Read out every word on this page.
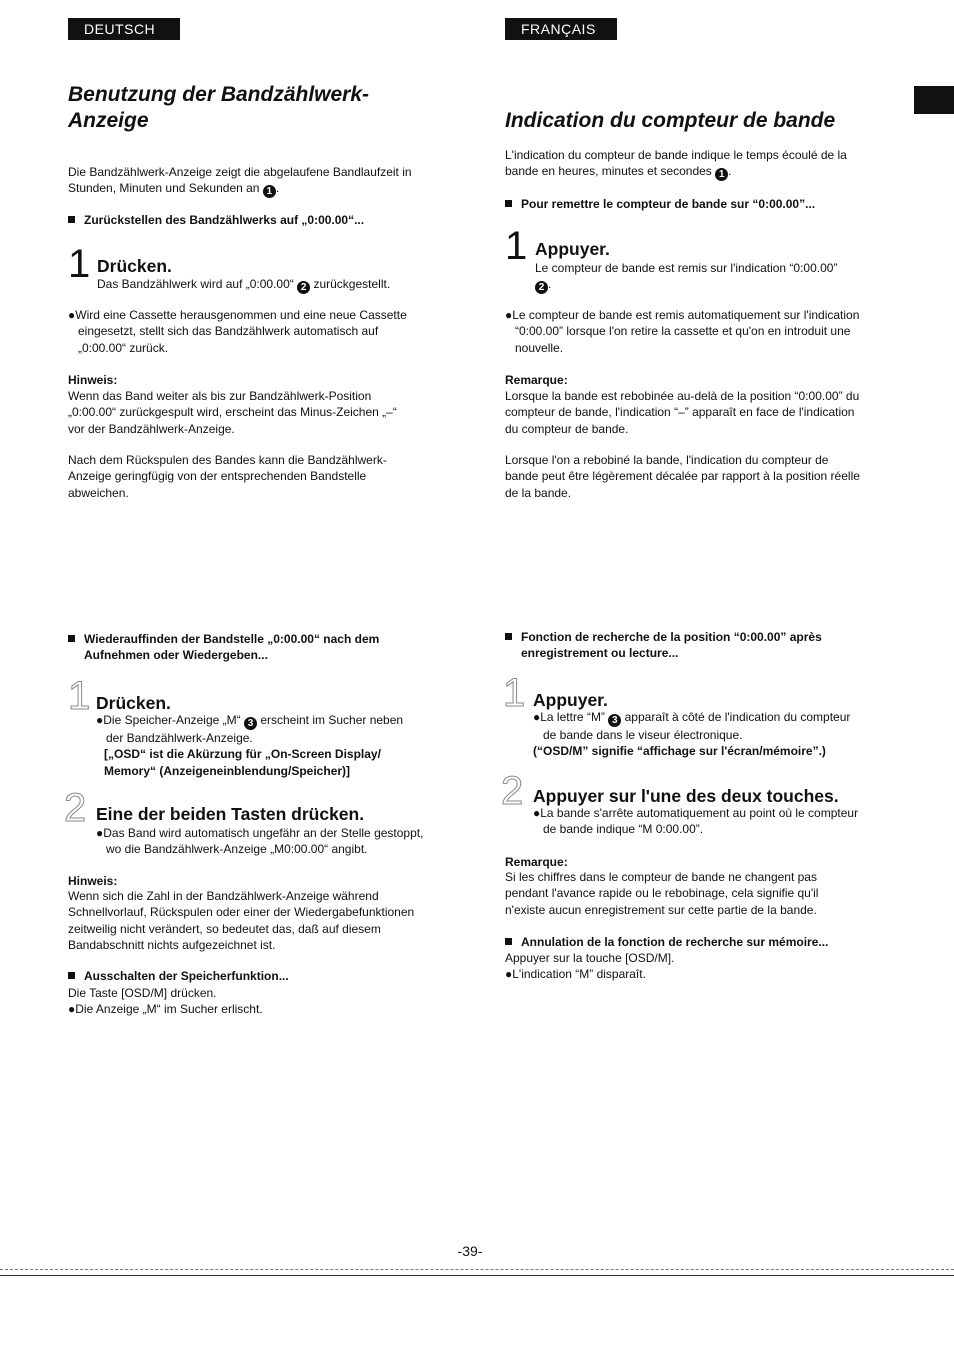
DEUTSCH	FRANÇAIS
Benutzung der Bandzählwerk-
Anzeige

Die Bandzählwerk-Anzeige zeigt die abgelaufene Bandlaufzeit in

Stunden, Minuten und Sekunden an 1 .

Zurückstellen des Bandzählwerks auf „0:00.00“...
1 Drücken.
Das Bandzählwerk wird auf „0:00.00“ 2 zurückgestellt.

●Wird eine Cassette herausgenommen und eine neue Cassette

eingesetzt, stellt sich das Bandzählwerk automatisch auf

„0:00.00“ zurück.

Hinweis:

Wenn das Band weiter als bis zur Bandzählwerk-Position

„0:00.00“ zurückgespult wird, erscheint das Minus-Zeichen „–“

vor der Bandzählwerk-Anzeige.

Nach dem Rückspulen des Bandes kann die Bandzählwerk-

Anzeige geringfügig von der entsprechenden Bandstelle

abweichen.

Wiederauffinden der Bandstelle „0:00.00“ nach dem

Aufnehmen oder Wiedergeben...

1 Drücken.

●Die Speicher-Anzeige „M“ 3 erscheint im Sucher neben

der Bandzählwerk-Anzeige.

[„OSD“ ist die Akürzung für „On-Screen Display/

Memory“ (Anzeigeneinblendung/Speicher)]

2 Eine der beiden Tasten drücken.

●Das Band wird automatisch ungefähr an der Stelle gestoppt,

wo die Bandzählwerk-Anzeige „M0:00.00“ angibt.

Hinweis:

Wenn sich die Zahl in der Bandzählwerk-Anzeige während

Schnellvorlauf, Rückspulen oder einer der Wiedergabefunktionen

zeitweilig nicht verändert, so bedeutet das, daß auf diesem

Bandabschnitt nichts aufgezeichnet ist.

Ausschalten der Speicherfunktion...

Die Taste [OSD/M] drücken.

●Die Anzeige „M“ im Sucher erlischt.

Indication du compteur de bande

L'indication du compteur de bande indique le temps écoulé de la

bande en heures, minutes et secondes 1 .

Pour remettre le compteur de bande sur “0:00.00”...
1 Appuyer.

Le compteur de bande est remis sur l'indication “0:00.00”

2 .

●Le compteur de bande est remis automatiquement sur l'indication

“0:00.00” lorsque l'on retire la cassette et qu'on en introduit une

nouvelle.

Remarque:

Lorsque la bande est rebobinée au-delà de la position “0:00.00” du

compteur de bande, l'indication “–” apparaît en face de l'indication

du compteur de bande.

Lorsque l'on a rebobiné la bande, l'indication du compteur de

bande peut être légèrement décalée par rapport à la position réelle

de la bande.

Fonction de recherche de la position “0:00.00” après

enregistrement ou lecture...

1 Appuyer.

●La lettre “M” 3 apparaît à côté de l'indication du compteur

de bande dans le viseur électronique.

(“OSD/M” signifie “affichage sur l'écran/mémoire”.)

2 Appuyer sur l'une des deux touches.

●La bande s'arrête automatiquement au point où le compteur

de bande indique “M 0:00.00”.

Remarque:

Si les chiffres dans le compteur de bande ne changent pas

pendant l'avance rapide ou le rebobinage, cela signifie qu'il

n'existe aucun enregistrement sur cette partie de la bande.

Annulation de la fonction de recherche sur mémoire...

Appuyer sur la touche [OSD/M].

●L'indication “M” disparaît.

-39-
